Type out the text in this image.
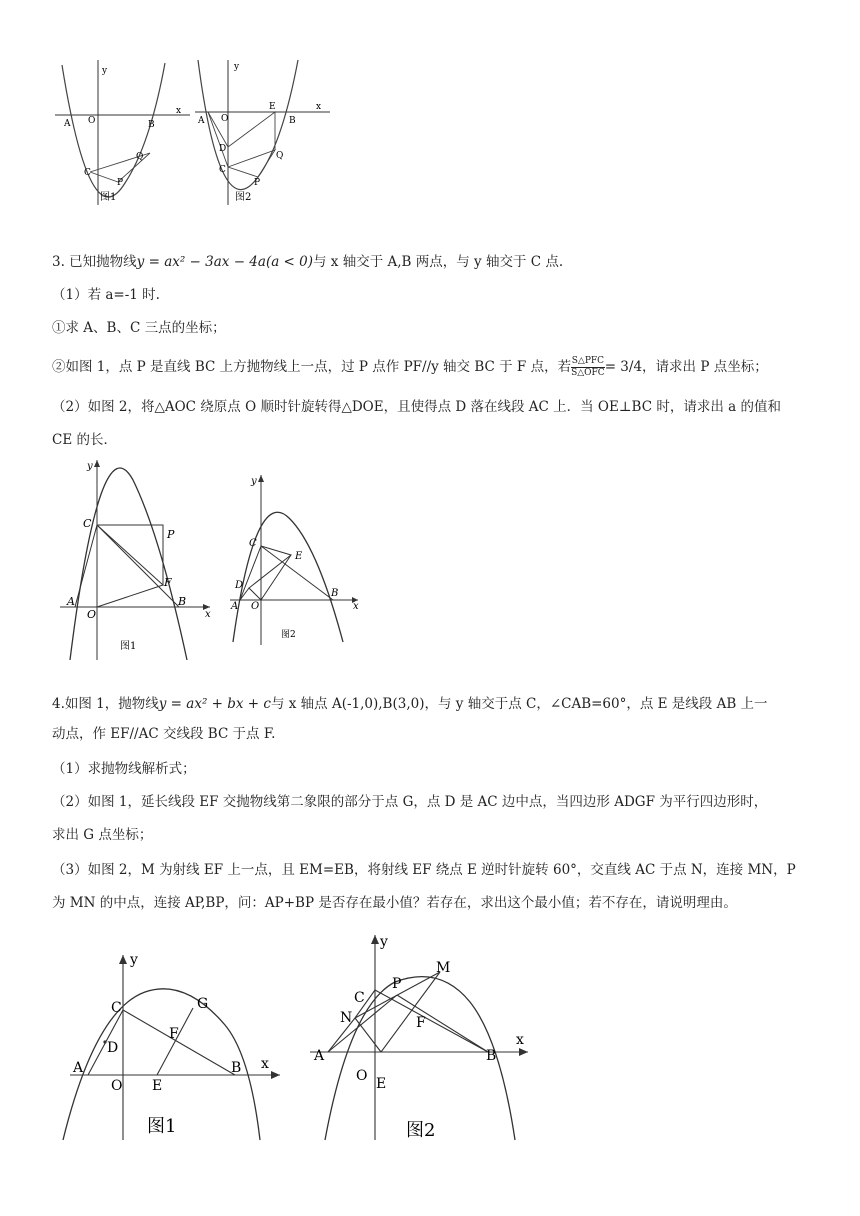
y
x
A O	B
C
Q
P
图1
y
x
A O
E
B
D
Q
C
P
图2
3. 已知抛物线y = ax² − 3ax − 4a(a < 0)与 x 轴交于 A,B 两点，与 y 轴交于 C 点.
（1）若 a=-1 时.
①求 A、B、C 三点的坐标；
②如图 1，点 P 是直线 BC 上方抛物线上一点，过 P 点作 PF//y 轴交 BC 于 F 点，若 S△PFC
S△OFC = 3/4，请求出 P 点坐标；
（2）如图 2，将△AOC 绕原点 O 顺时针旋转得△DOE，且使得点 D 落在线段 AC 上．当 OE⊥BC 时，请求出 a 的值和
CE 的长．
y
x
C
P
F
A
O
B
图1
y
x
C
E
D
A O
B
图2
4.如图 1，抛物线y = ax² + bx + c与 x 轴点 A(-1,0),B(3,0)，与 y 轴交于点 C，∠CAB=60°，点 E 是线段 AB 上一
动点，作 EF//AC 交线段 BC 于点 F.
（1）求抛物线解析式；
（2）如图 1，延长线段 EF 交抛物线第二象限的部分于点 G，点 D 是 AC 边中点，当四边形 ADGF 为平行四边形时，
求出 G 点坐标；
（3）如图 2，M 为射线 EF 上一点，且 EM=EB，将射线 EF 绕点 E 逆时针旋转 60°，交直线 AC 于点 N，连接 MN，P
为 MN 的中点，连接 AP,BP，问：AP+BP 是否存在最小值？若存在，求出这个最小值；若不存在，请说明理由。
y
x
C	G
F
D
A	B
O E
图1
y
x
M
C
P
N	F
A	B
O E
图2
